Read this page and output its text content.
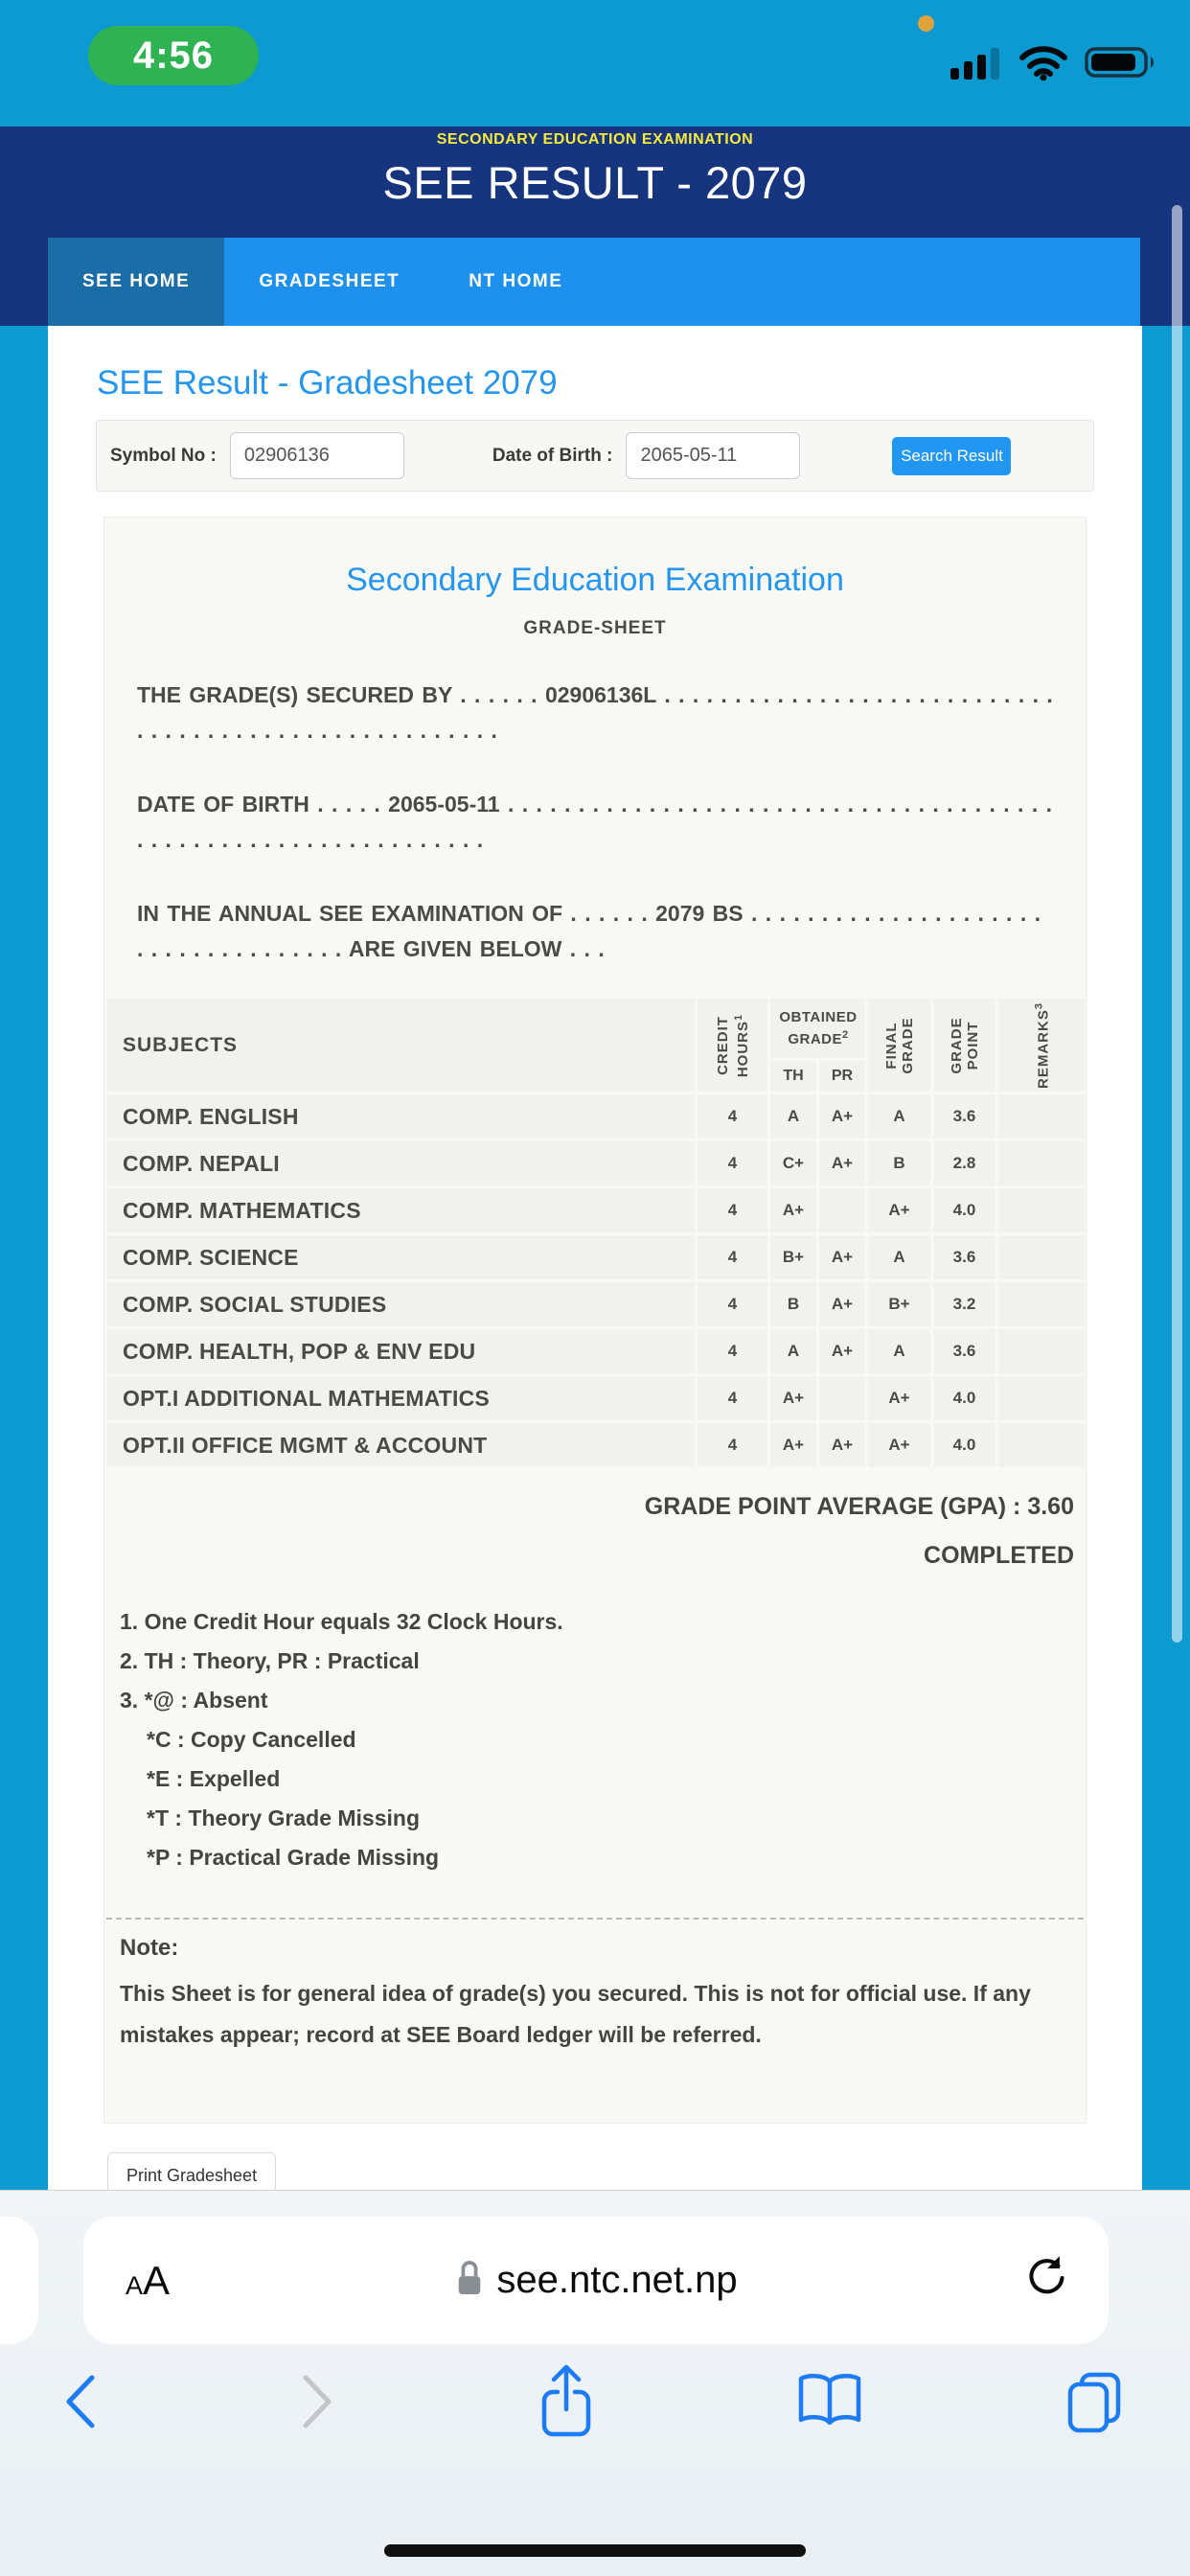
4:56
SECONDARY EDUCATION EXAMINATION
SEE RESULT - 2079
SEE HOME	GRADESHEET	NT HOME
SEE Result - Gradesheet 2079
Symbol No :
02906136	Date of Birth :
2065-05-11	Search Result
Secondary Education Examination
GRADE-SHEET

THE GRADE(S) SECURED BY . . . . . . 02906136L . . . . . . . . . . . . . . . . . . . . . . . . . . . . . . . . . . . . . . . . . . . . . . . . . . . . . .

DATE OF BIRTH . . . . . 2065-05-11 . . . . . . . . . . . . . . . . . . . . . . . . . . . . . . . . . . . . . . . . . . . . . . . . . . . . . . . . . . . . . . . .

IN THE ANNUAL SEE EXAMINATION OF . . . . . . 2079 BS . . . . . . . . . . . . . . . . . . . . . . . . . . . . . . . . . . . . ARE GIVEN BELOW . . .

SUBJECTS	CREDIT HOURS$^1$	OBTAINED GRADE$^2$		FINAL GRADE	GRADE POINT	REMARKS$^3$

		TH	PR			
COMP. ENGLISH	4	A	A+	A	3.6	
COMP. NEPALI	4	C+	A+	B	2.8	
COMP. MATHEMATICS	4	A+		A+	4.0	
COMP. SCIENCE	4	B+	A+	A	3.6	
COMP. SOCIAL STUDIES	4	B	A+	B+	3.2	
COMP. HEALTH, POP & ENV EDU	4	A	A+	A	3.6	
OPT.I ADDITIONAL MATHEMATICS	4	A+		A+	4.0	
OPT.II OFFICE MGMT & ACCOUNT	4	A+	A+	A+	4.0	
GRADE POINT AVERAGE (GPA) : 3.60
COMPLETED
1. One Credit Hour equals 32 Clock Hours.
2. TH : Theory, PR : Practical
3. *@ : Absent
*C : Copy Cancelled
*E : Expelled
*T : Theory Grade Missing
*P : Practical Grade Missing
Note:

This Sheet is for general idea of grade(s) you secured. This is not for official use. If any mistakes appear; record at SEE Board ledger will be referred.

Print Gradesheet
A A	see.ntc.net.np
